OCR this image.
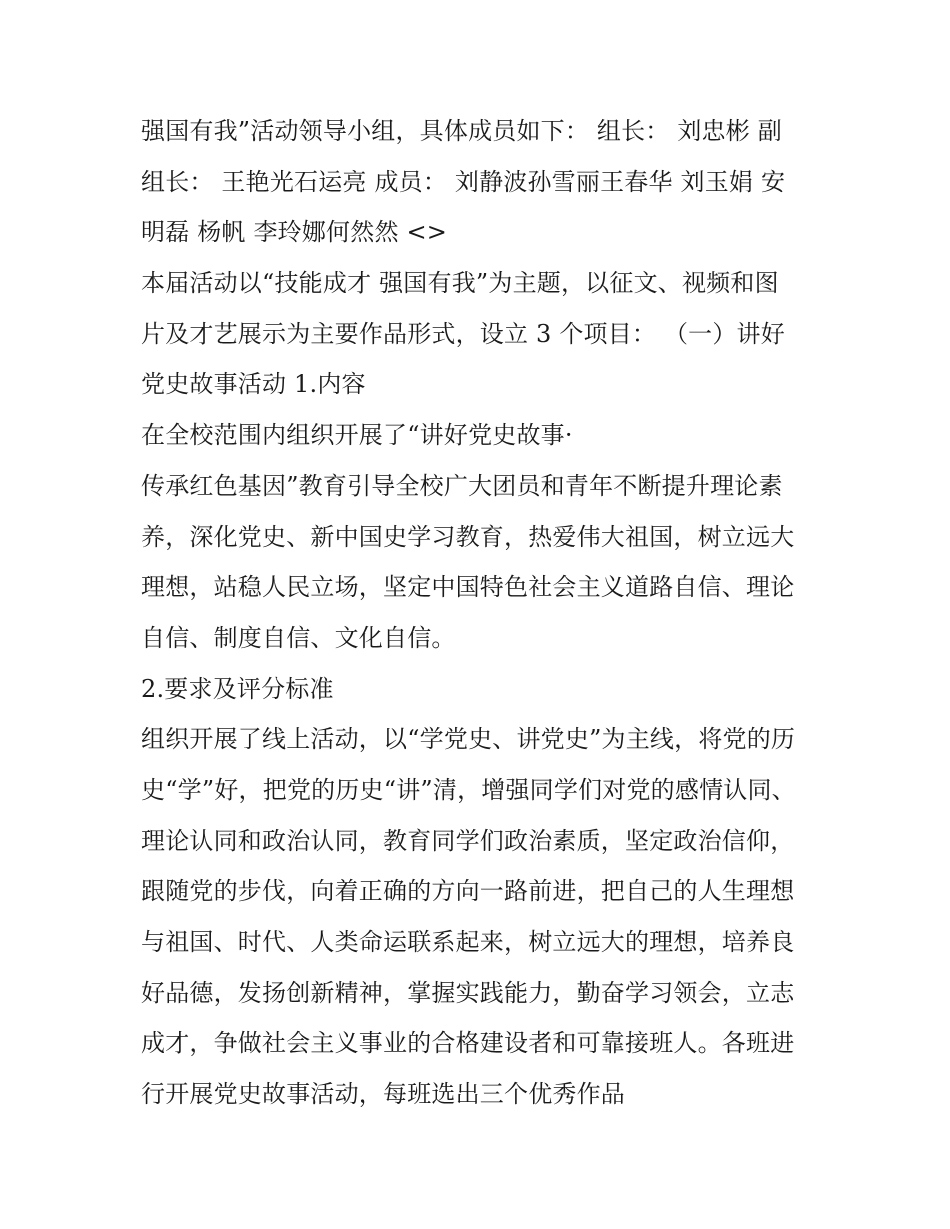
强国有我”活动领导小组，具体成员如下： 组长： 刘忠彬 副
组长： 王艳光石运亮 成员： 刘静波孙雪丽王春华 刘玉娟 安
明磊 杨帆 李玲娜何然然 <>

本届活动以“技能成才 强国有我”为主题，以征文、视频和图
片及才艺展示为主要作品形式，设立 3 个项目： （一）讲好
党史故事活动 1.内容

在全校范围内组织开展了“讲好党史故事·

传承红色基因”教育引导全校广大团员和青年不断提升理论素
养，深化党史、新中国史学习教育，热爱伟大祖国，树立远大
理想，站稳人民立场，坚定中国特色社会主义道路自信、理论
自信、制度自信、文化自信。

2.要求及评分标准

组织开展了线上活动，以“学党史、讲党史”为主线，将党的历
史“学”好，把党的历史“讲”清，增强同学们对党的感情认同、
理论认同和政治认同，教育同学们政治素质，坚定政治信仰，
跟随党的步伐，向着正确的方向一路前进，把自己的人生理想
与祖国、时代、人类命运联系起来，树立远大的理想，培养良
好品德，发扬创新精神，掌握实践能力，勤奋学习领会，立志
成才，争做社会主义事业的合格建设者和可靠接班人。各班进
行开展党史故事活动，每班选出三个优秀作品
